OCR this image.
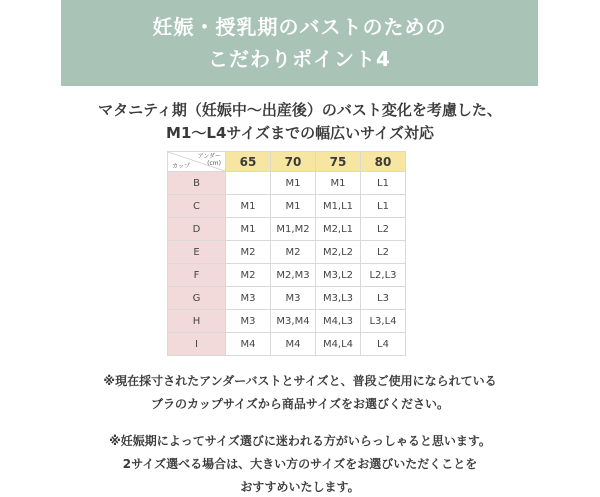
妊娠・授乳期のバストのための
こだわりポイント4
マタニティ期（妊娠中〜出産後）のバスト変化を考慮した、
M1〜L4サイズまでの幅広いサイズ対応
アンダー
(cm)
カップ	65	70	75	80
B		M1	M1	L1
C	M1	M1	M1,L1	L1
D	M1	M1,M2	M2,L1	L2
E	M2	M2	M2,L2	L2
F	M2	M2,M3	M3,L2	L2,L3
G	M3	M3	M3,L3	L3
H	M3	M3,M4	M4,L3	L3,L4
I	M4	M4	M4,L4	L4
※現在採寸されたアンダーバストとサイズと、普段ご使用になられている
ブラのカップサイズから商品サイズをお選びください。
※妊娠期によってサイズ選びに迷われる方がいらっしゃると思います。
2サイズ選べる場合は、大きい方のサイズをお選びいただくことを
おすすめいたします。
